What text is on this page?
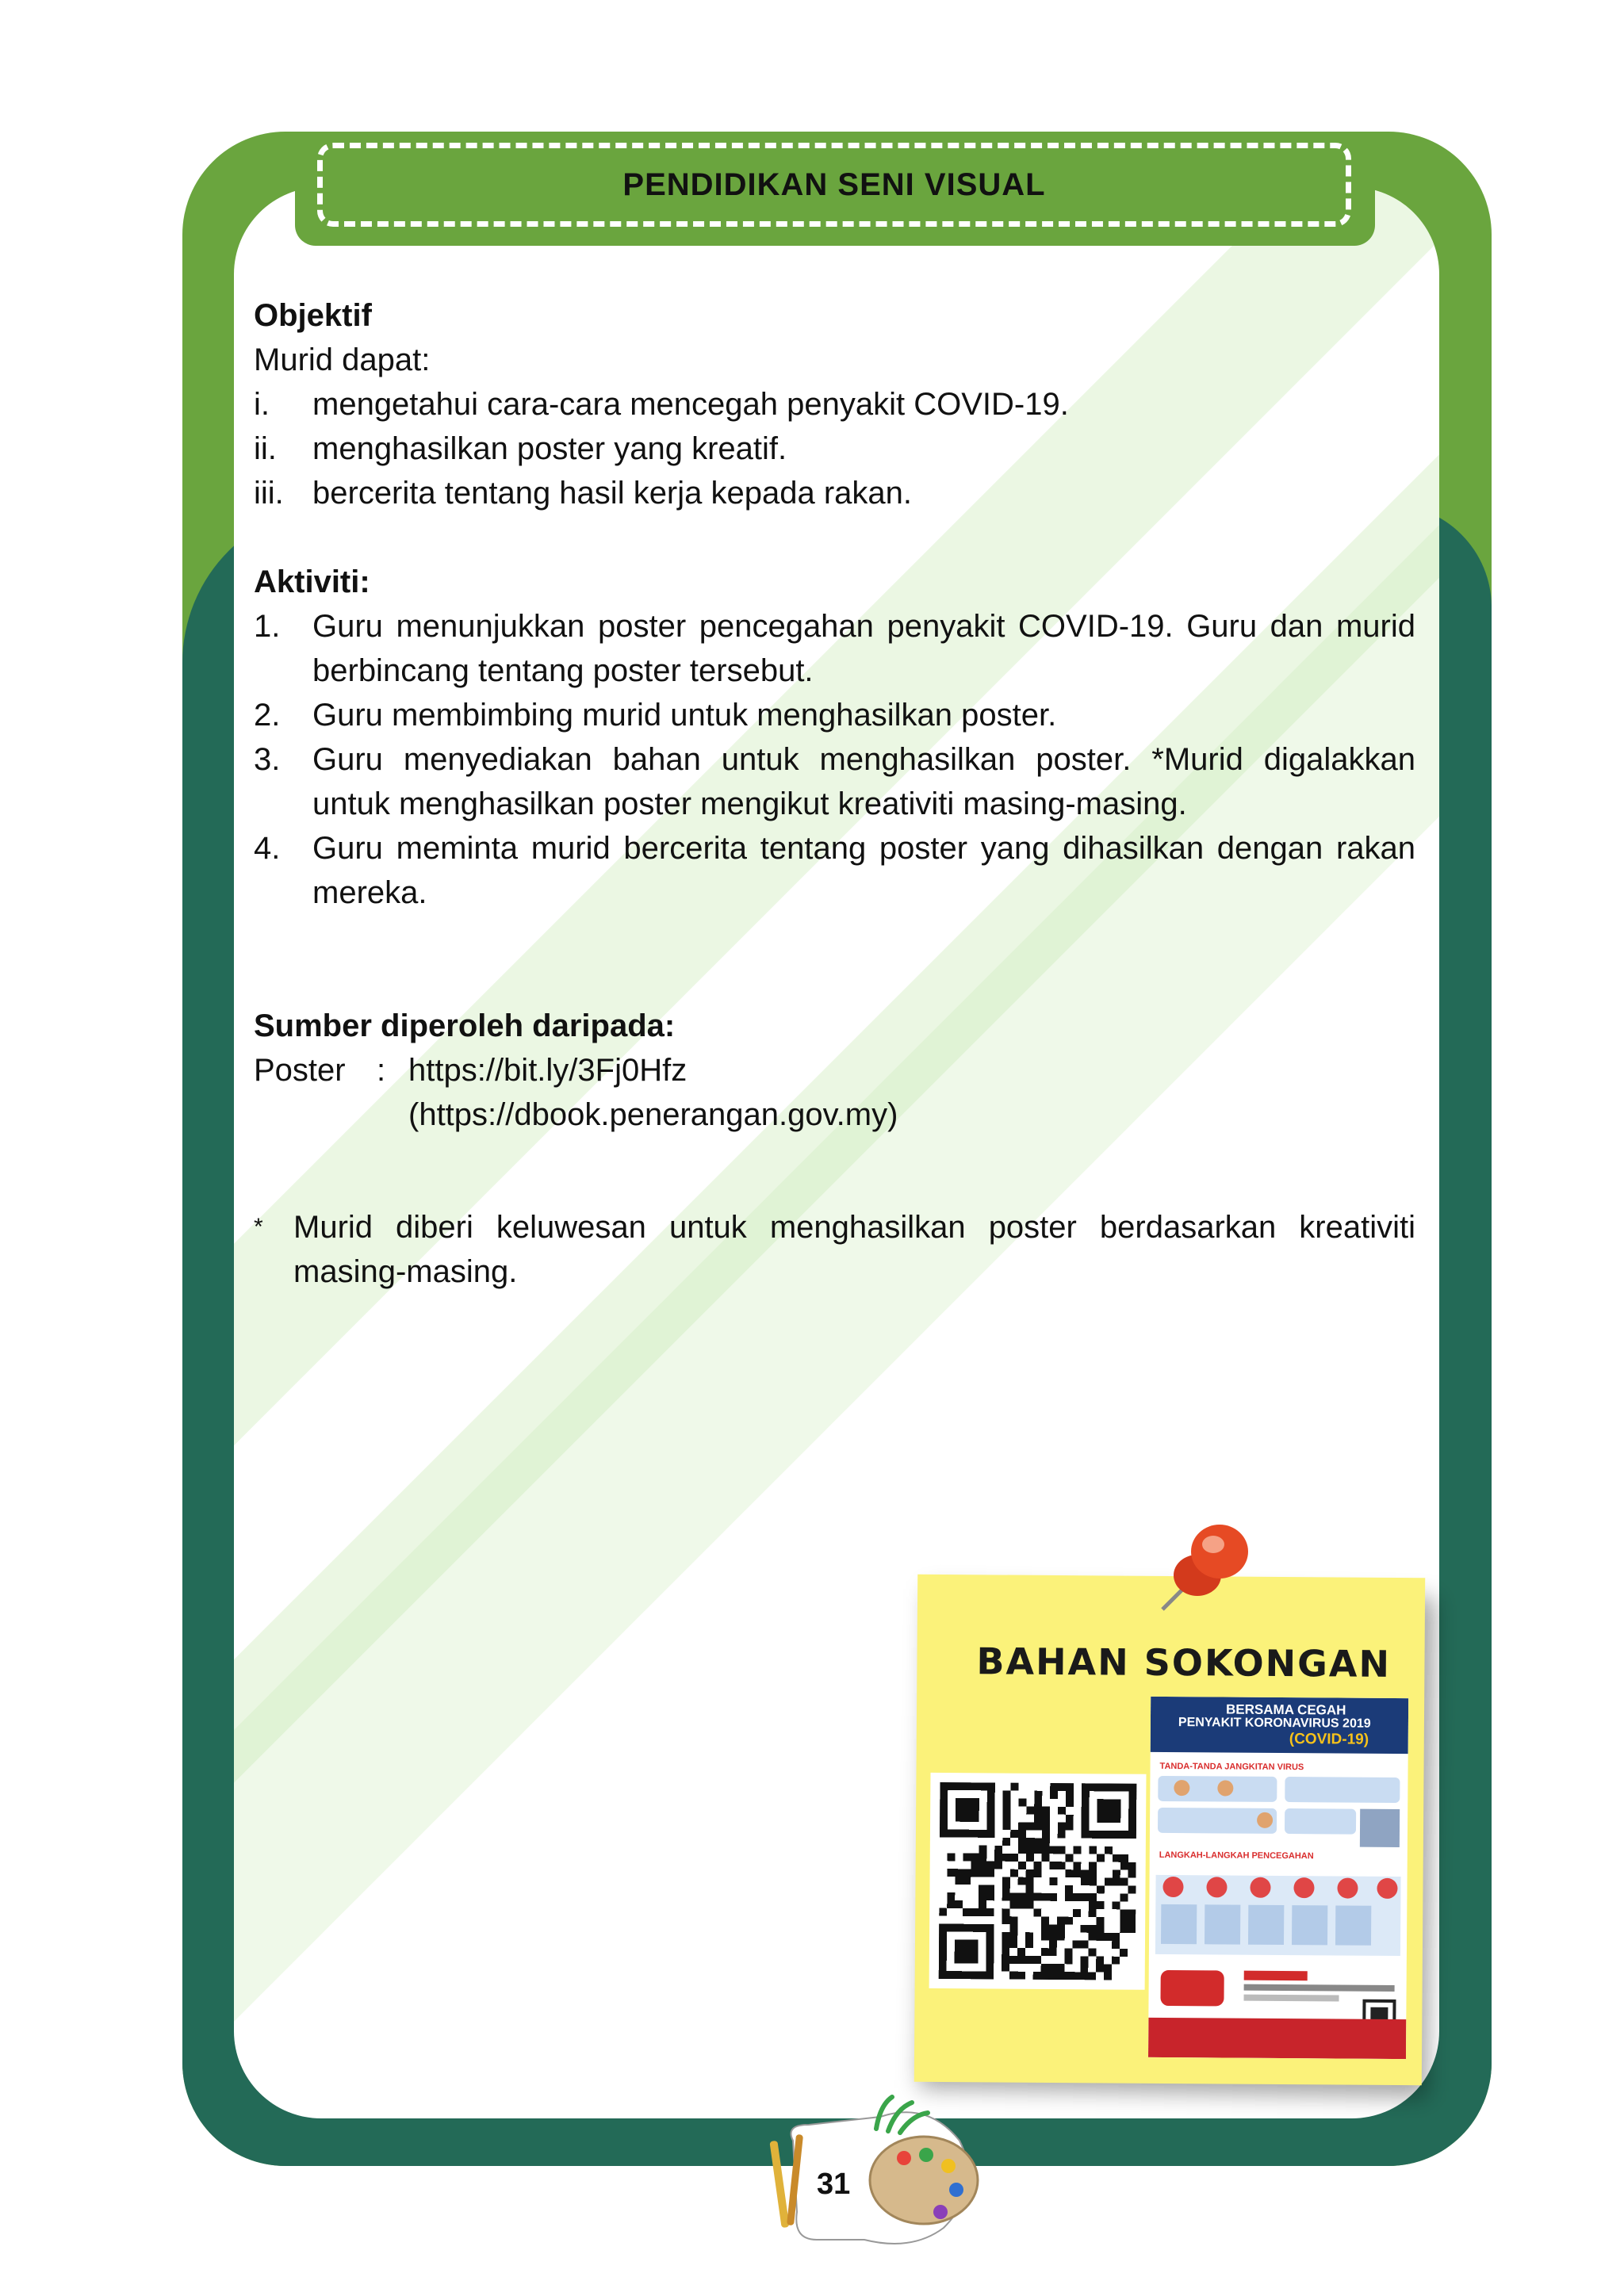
PENDIDIKAN SENI VISUAL

Objektif

Murid dapat:

i.	mengetahui cara-cara mencegah penyakit COVID-19.
ii.	menghasilkan poster yang kreatif.
iii. bercerita tentang hasil kerja kepada rakan.

Aktiviti:

1.	Guru menunjukkan poster pencegahan penyakit COVID-19. Guru dan murid berbincang tentang poster tersebut.
2.	Guru membimbing murid untuk menghasilkan poster.
3.	Guru menyediakan bahan untuk menghasilkan poster. *Murid digalakkan untuk menghasilkan poster mengikut kreativiti masing-masing.
4.	Guru meminta murid bercerita tentang poster yang dihasilkan dengan rakan mereka.

Sumber diperoleh daripada:

Poster : https://bit.ly/3Fj0Hfz

(https://dbook.penerangan.gov.my)

* Murid diberi keluwesan untuk menghasilkan poster berdasarkan kreativiti masing-masing.
BAHAN SOKONGAN
BERSAMA CEGAH
PENYAKIT KORONAVIRUS 2019
(COVID-19)
TANDA-TANDA JANGKITAN VIRUS
LANGKAH-LANGKAH PENCEGAHAN
31
